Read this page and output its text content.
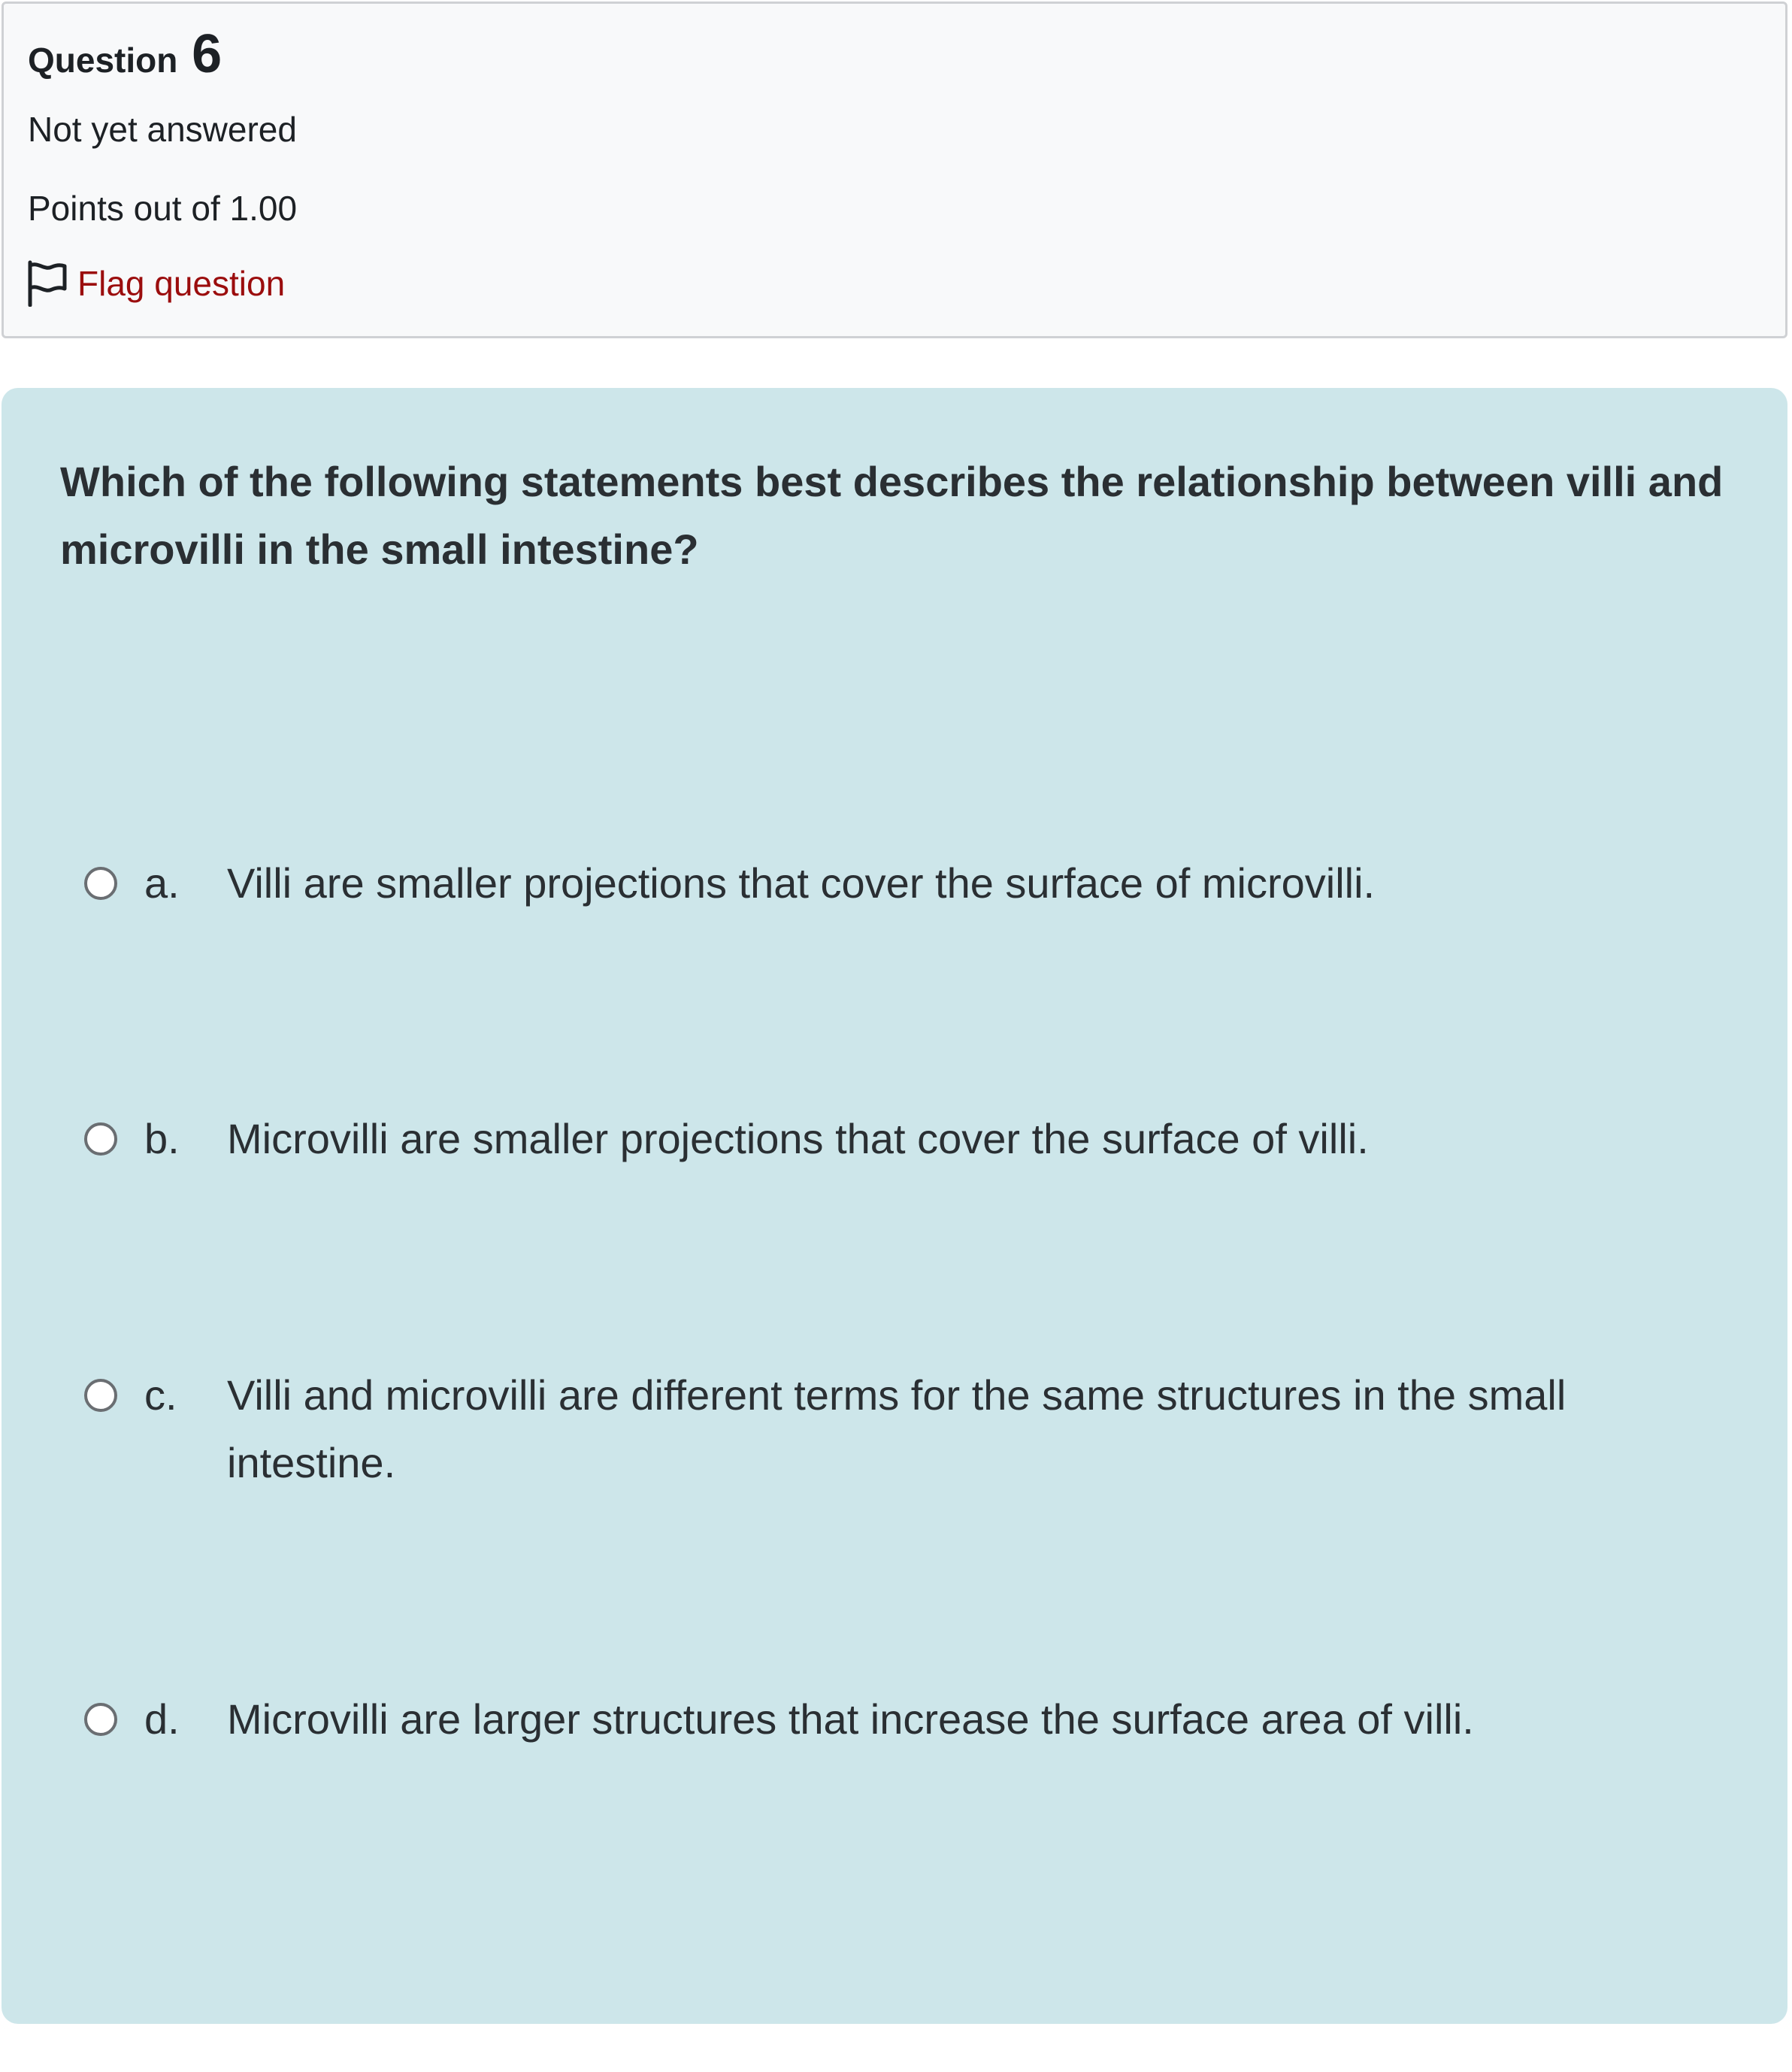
Question 6
Not yet answered
Points out of 1.00
Flag question

Which of the following statements best describes the relationship between villi and microvilli in the small intestine?

a.	Villi are smaller projections that cover the surface of microvilli.
b.	Microvilli are smaller projections that cover the surface of villi.
c.	Villi and microvilli are different terms for the same structures in the small intestine.
d.	Microvilli are larger structures that increase the surface area of villi.
